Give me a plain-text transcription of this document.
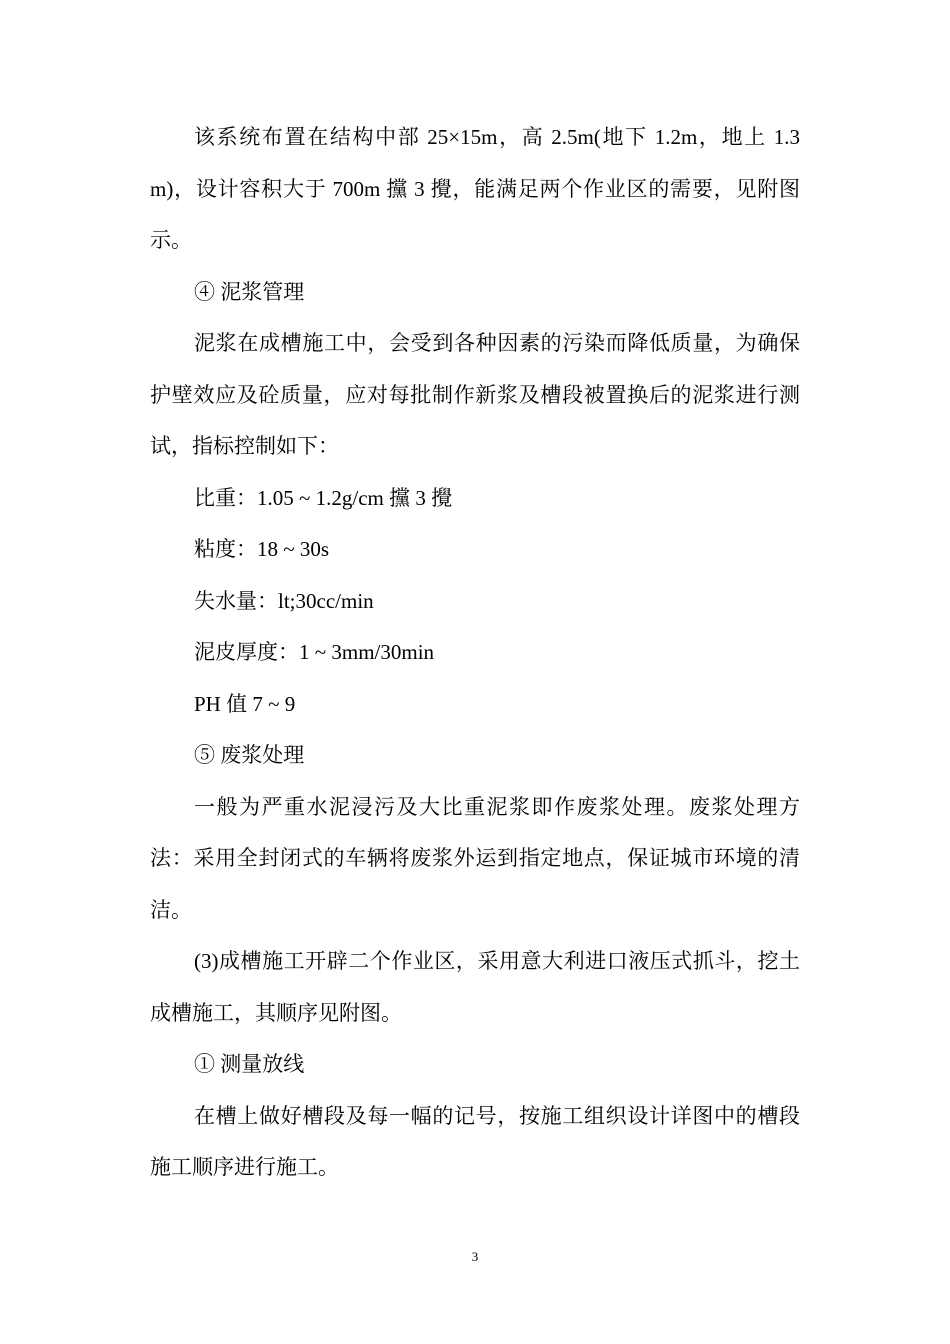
该系统布置在结构中部 25×15m，高 2.5m(地下 1.2m，地上 1.3m)，设计容积大于 700m 攩 3 攪，能满足两个作业区的需要，见附图示。

④ 泥浆管理

泥浆在成槽施工中，会受到各种因素的污染而降低质量，为确保护壁效应及砼质量，应对每批制作新浆及槽段被置换后的泥浆进行测试，指标控制如下：

比重：1.05 ~ 1.2g/cm 攩 3 攪

粘度：18 ~ 30s

失水量：lt;30cc/min

泥皮厚度：1 ~ 3mm/30min

PH 值 7 ~ 9

⑤ 废浆处理

一般为严重水泥浸污及大比重泥浆即作废浆处理。废浆处理方法：采用全封闭式的车辆将废浆外运到指定地点，保证城市环境的清洁。

(3)成槽施工开辟二个作业区，采用意大利进口液压式抓斗，挖土成槽施工，其顺序见附图。

① 测量放线

在槽上做好槽段及每一幅的记号，按施工组织设计详图中的槽段施工顺序进行施工。

3
